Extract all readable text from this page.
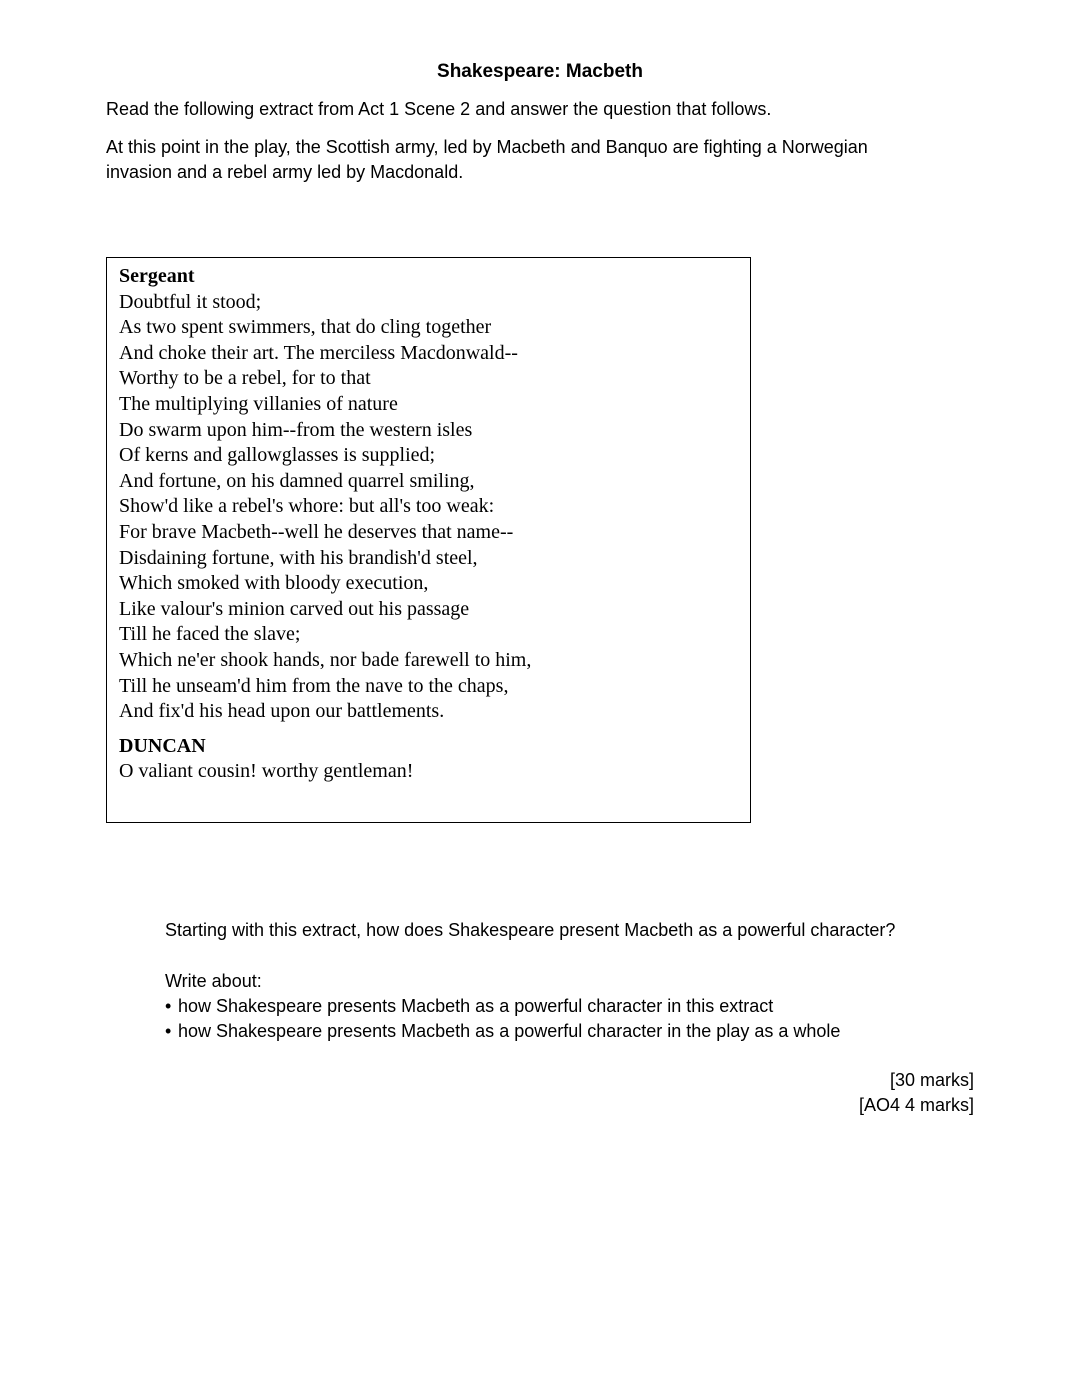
Shakespeare: Macbeth

Read the following extract from Act 1 Scene 2 and answer the question that follows.

At this point in the play, the Scottish army, led by Macbeth and Banquo are fighting a Norwegian
invasion and a rebel army led by Macdonald.

Sergeant
Doubtful it stood;
As two spent swimmers, that do cling together
And choke their art. The merciless Macdonwald--
Worthy to be a rebel, for to that
The multiplying villanies of nature
Do swarm upon him--from the western isles
Of kerns and gallowglasses is supplied;
And fortune, on his damned quarrel smiling,
Show'd like a rebel's whore: but all's too weak:
For brave Macbeth--well he deserves that name--
Disdaining fortune, with his brandish'd steel,
Which smoked with bloody execution,
Like valour's minion carved out his passage
Till he faced the slave;
Which ne'er shook hands, nor bade farewell to him,
Till he unseam'd him from the nave to the chaps,
And fix'd his head upon our battlements.
DUNCAN
O valiant cousin! worthy gentleman!

Starting with this extract, how does Shakespeare present Macbeth as a powerful character?

Write about:

• how Shakespeare presents Macbeth as a powerful character in this extract
• how Shakespeare presents Macbeth as a powerful character in the play as a whole
[30 marks]
[AO4 4 marks]
